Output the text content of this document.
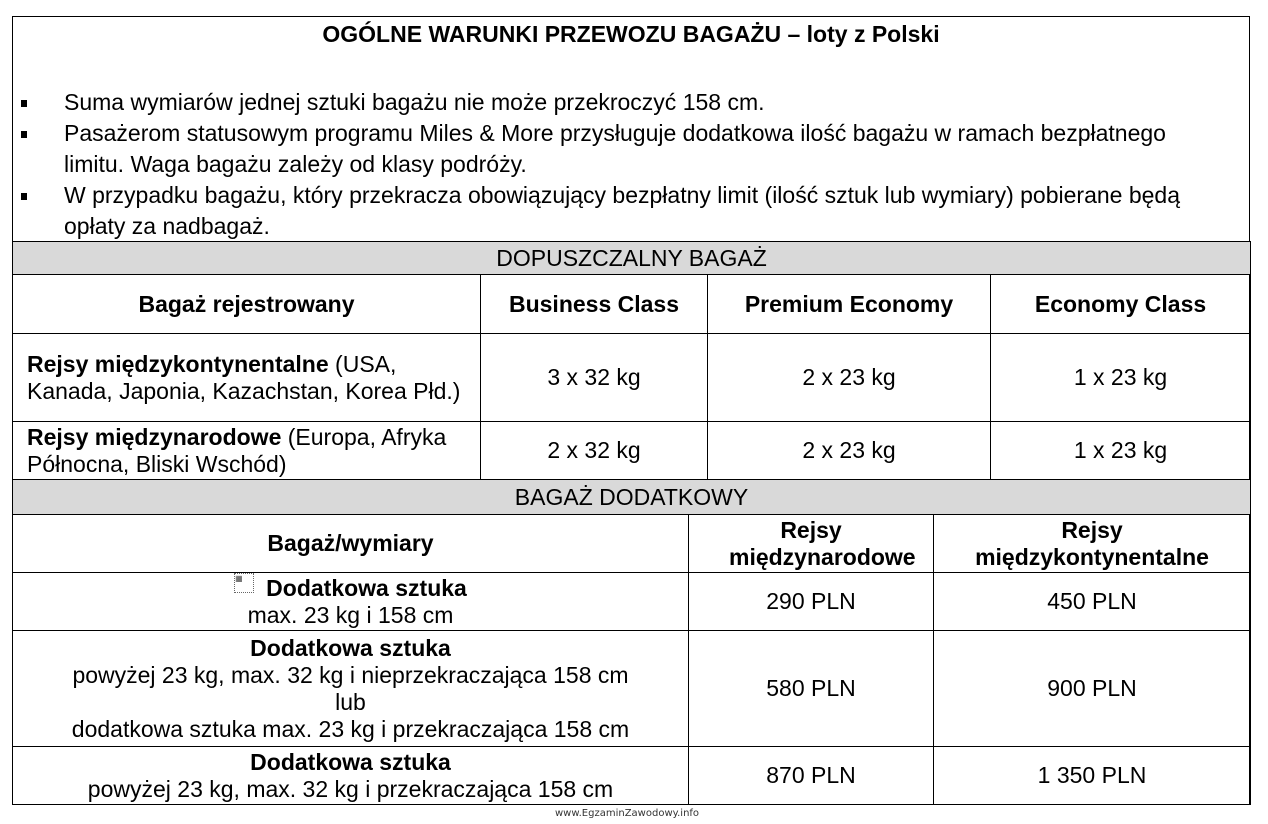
OGÓLNE WARUNKI PRZEWOZU BAGAŻU – loty z Polski
Suma wymiarów jednej sztuki bagażu nie może przekroczyć 158 cm.
Pasażerom statusowym programu Miles & More przysługuje dodatkowa ilość bagażu w ramach bezpłatnego limitu. Waga bagażu zależy od klasy podróży.
W przypadku bagażu, który przekracza obowiązujący bezpłatny limit (ilość sztuk lub wymiary) pobierane będą opłaty za nadbagaż.
DOPUSZCZALNY BAGAŻ			
Bagaż rejestrowany	Business Class	Premium Economy	Economy Class
Rejsy międzykontynentalne (USA, Kanada, Japonia, Kazachstan, Korea Płd.)	3 x 32 kg	2 x 23 kg	1 x 23 kg
Rejsy międzynarodowe (Europa, Afryka Północna, Bliski Wschód)	2 x 32 kg	2 x 23 kg	1 x 23 kg
BAGAŻ DODATKOWY		
Bagaż/wymiary	Rejsy międzynarodowe	Rejsy międzykontynentalne

▦ Dodatkowa sztuka
max. 23 kg i 158 cm	290 PLN	450 PLN

Dodatkowa sztuka
powyżej 23 kg, max. 32 kg i nieprzekraczająca 158 cm
lub
dodatkowa sztuka max. 23 kg i przekraczająca 158 cm	580 PLN	900 PLN

Dodatkowa sztuka
powyżej 23 kg, max. 32 kg i przekraczająca 158 cm	870 PLN	1 350 PLN
www.EgzaminZawodowy.info
